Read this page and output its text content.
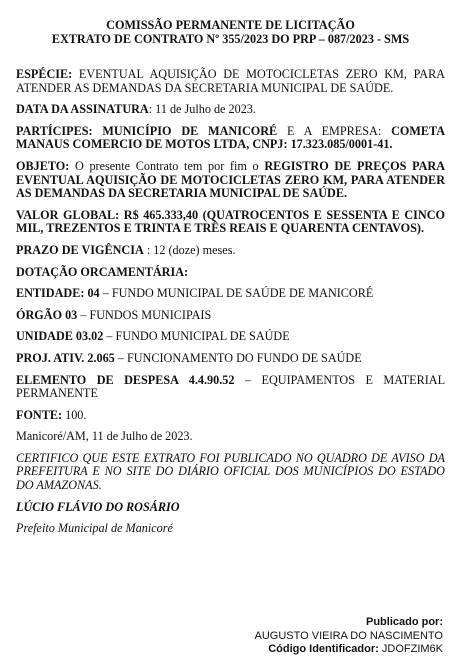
COMISSÃO PERMANENTE DE LICITAÇÃO
EXTRATO DE CONTRATO Nº 355/2023 DO PRP – 087/2023 - SMS

ESPÉCIE: EVENTUAL AQUISIÇÃO DE MOTOCICLETAS ZERO KM, PARA ATENDER AS DEMANDAS DA SECRETARIA MUNICIPAL DE SAÚDE.

DATA DA ASSINATURA: 11 de Julho de 2023.

PARTÍCIPES: MUNICÍPIO DE MANICORÉ E A EMPRESA: COMETA MANAUS COMERCIO DE MOTOS LTDA, CNPJ: 17.323.085/0001-41.

OBJETO: O presente Contrato tem por fim o REGISTRO DE PREÇOS PARA EVENTUAL AQUISIÇÃO DE MOTOCICLETAS ZERO KM, PARA ATENDER AS DEMANDAS DA SECRETARIA MUNICIPAL DE SAÚDE.

VALOR GLOBAL: R$ 465.333,40 (QUATROCENTOS E SESSENTA E CINCO MIL, TREZENTOS E TRINTA E TRÊS REAIS E QUARENTA CENTAVOS).

PRAZO DE VIGÊNCIA : 12 (doze) meses.

DOTAÇÃO ORCAMENTÁRIA:

ENTIDADE: 04 – FUNDO MUNICIPAL DE SAÚDE DE MANICORÉ

ÓRGÃO 03 – FUNDOS MUNICIPAIS

UNIDADE 03.02 – FUNDO MUNICIPAL DE SAÚDE

PROJ. ATIV. 2.065 – FUNCIONAMENTO DO FUNDO DE SAÚDE

ELEMENTO DE DESPESA 4.4.90.52 – EQUIPAMENTOS E MATERIAL PERMANENTE

FONTE: 100.

Manicoré/AM, 11 de Julho de 2023.

CERTIFICO QUE ESTE EXTRATO FOI PUBLICADO NO QUADRO DE AVISO DA PREFEITURA E NO SITE DO DIÁRIO OFICIAL DOS MUNICÍPIOS DO ESTADO DO AMAZONAS.

LÚCIO FLÁVIO DO ROSÁRIO

Prefeito Municipal de Manicoré

Publicado por:
AUGUSTO VIEIRA DO NASCIMENTO
Código Identificador: JDOFZIM6K
